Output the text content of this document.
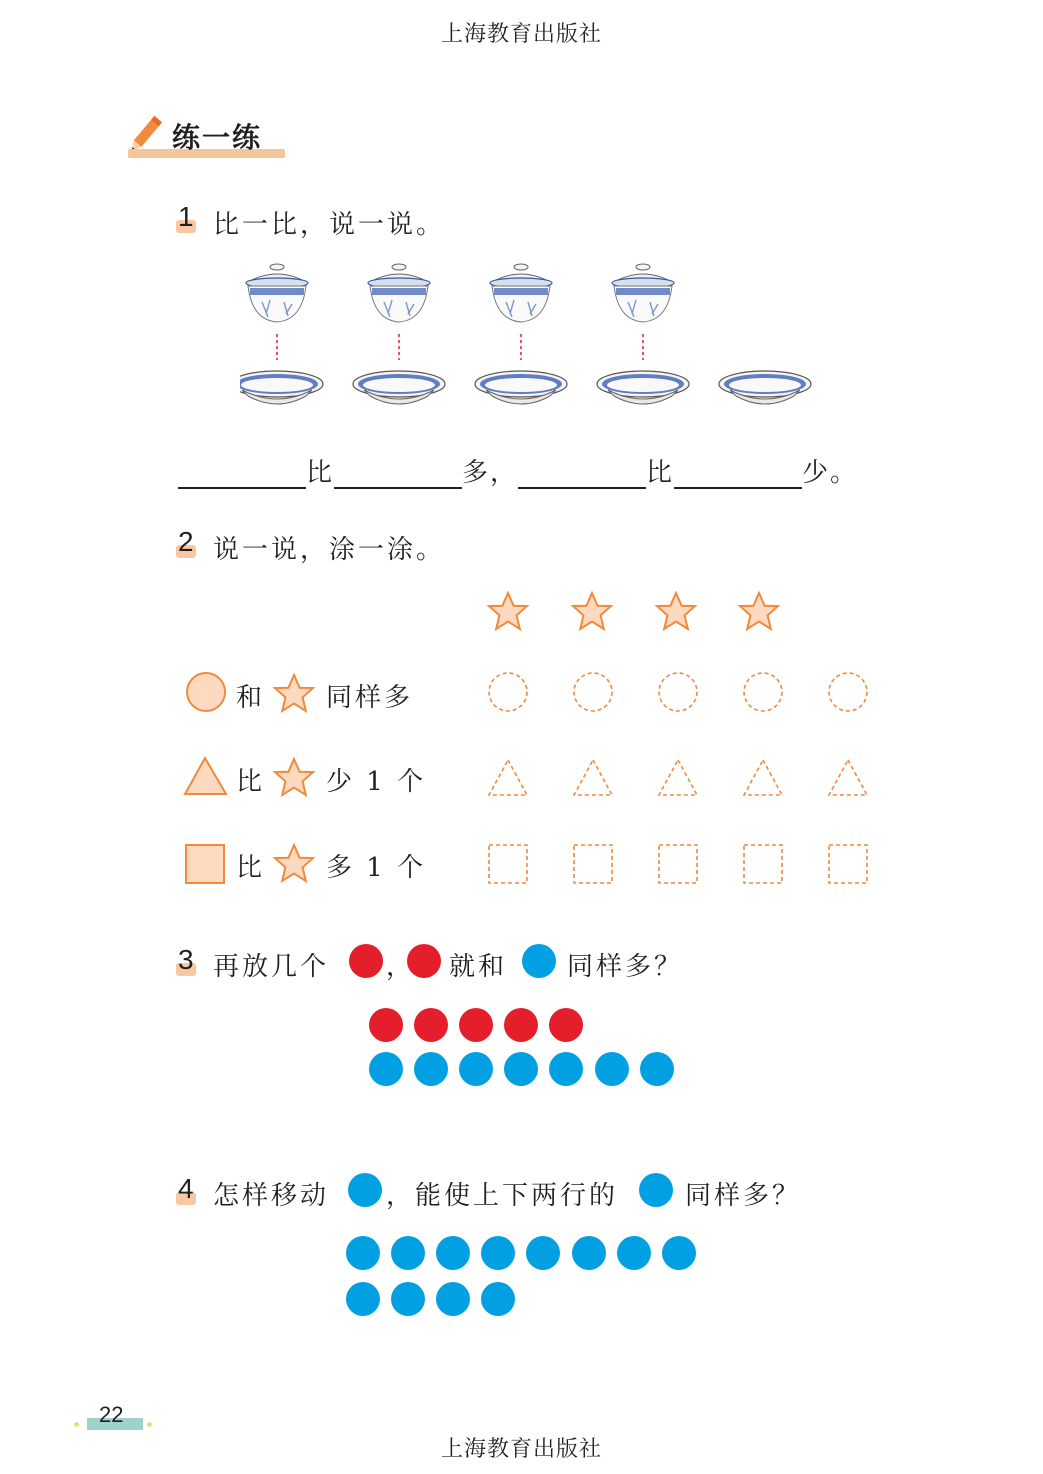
上海教育出版社
练一练
1 比一比，说一说。
比	多，	比	少。
2 说一说，涂一涂。
和 同样多
比 少 1 个
比 多 1 个
3 再放几个 ， 就和 同样多？
4 怎样移动 ，能使上下两行的	同样多？
22
上海教育出版社
